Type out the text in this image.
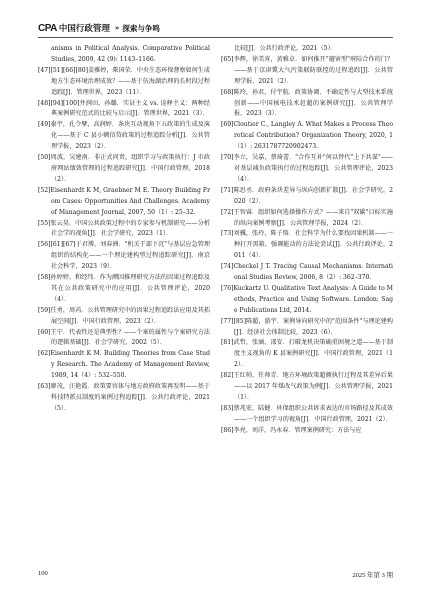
CPA 中国行政管理 » 探索与争鸣

anisms in Political Analysis. Comparative Political Studies, 2009, 42 (9): 1143–1166.

[47][51][66][80]姜雅婷，柴国荣．中央生态环保督察如何生成地方生态环境治理成效？——基于伍海湖治理的长时段过程追踪[J]．管理世界，2023（11）．

[48][94][100]井润田，孙璐．实证主义 vs. 诠释主义：两种经典案例研究范式的比较与启示[J]．管理世界，2021（3）．

[49]秦宇，孔令擘，高润婷．条块互动视角下五政策的生成及演化——基于 C 县小额信贷政策的过程追踪分析[J]．公共管理学报，2023（2）．

[50]周波，吴建南．非正式问责，组织学习与政策执行：J 市政府网站绩效管理的过程追踪研究[J]．中国行政管理，2018（2）．

[52]Eisenhardt K M, Graebner M E. Theory Building From Cases: Opportunities And Challenges. Academy of Management Journal, 2007, 50（1）: 25–32.

[55]张云昊．中国公共政策过程中的专家参与机制研究——分析社会学的视角[J]．社会学研究，2023（1）．

[56][61][67]于君博，刘春洲．"机关干部下沉"与基层应急管理组织的结构化——一个理论建构型过程追踪研究[J]．南京社会科学，2023（9）．

[58]孙婷婷，和经纬．作为溯因推理研究方法的因果过程追踪及其在公共政策研究中的应用[J]．公共管理评论，2020（4）．

[59]任勇，周芮．公共管理研究中的因果过程追踪法应用及其拓展空间[J]．中国行政管理，2023（2）．

[60]王宁．代表性还是典型性？——个案的属性与个案研究方法的逻辑基础[J]．社会学研究，2002（5）．

[62]Eisenhardt K M. Building Theories from Case Study Research. The Academy of Management Review, 1989, 14（4）: 532–550.

[63]廖茂，汪艳霞．政策要容体与地方政府政策再发明——基于科技特派员制度的案例过程追踪[J]．公共行政评论，2021（5）．

比较[J]．公共行政评论，2021（5）．

[65]李辉，徐美宵，黄雅卓．如何推开"避害型"府际合作的门？——基于京津冀大气污染联防联控的过程追踪[J]．公共管理学报，2021（2）．

[68]陈玲，孙君，付宇航．政策协调、不确定性与大型技术系统创新——中国核电技术赶超的案例研究[J]．公共管理学报，2023（3）．

[69]Cloutier C., Langley A. What Makes a Process Theoretical Contribution? Organization Theory, 2020, 1（1）: 2631787720902473.

[70]李立，吴嘉，蔡琦蕾．"合作互补"何以替代"上下共谋"——对基层减负政策执行的过程追踪[J]．公共管理评论，2023（4）．

[71]陈思丞．政府条块差异与纵向创新扩散[J]．社会学研究，2020（2）．

[72]王智睿．组织如何选择操作方式？——来自"双碳"目标实施的纵向案例考察[J]．公共管理学报，2024（2）．

[73]刘骥，张玲，陈子恪．社会科学为什么要找因果机制——一种打开黑箱，强调能动的方法论尝试[J]．公共行政评论，2011（4）．

[74]Checkel J T. Tracing Causal Mechanisms. International Studies Review, 2006, 8（2）: 362–370.

[76]Kuckartz U. Qualitative Text Analysis: A Guide to Methods, Practice and Using Software. London: Sage Publications Ltd, 2014.

[77][85]陈超，游宇．案例导向研究中的"范围条件"与理论建构[J]．经济社会体制比较，2023（6）．

[81]武哲，张涵，邵安．打破龙机决策确重困境之道——基于制度主义视角的 K 县案例研究[J]．中国行政管理，2021（12）．

[82]王红帅，任帅青．地方环境政策超额执行过程及其差异后果——以 2017 年煤改气政策为例[J]．公共管理学报，2021（1）．

[83]蔡兆宏，陆健．环保组织公共诉求表达的市场路径及其成效——一个组织学习的视角[J]．中国行政管理，2021（2）．

[86]李亮，刘洋，冯永春．管理案例研究：方法与应

100	2025 年第 3 期
